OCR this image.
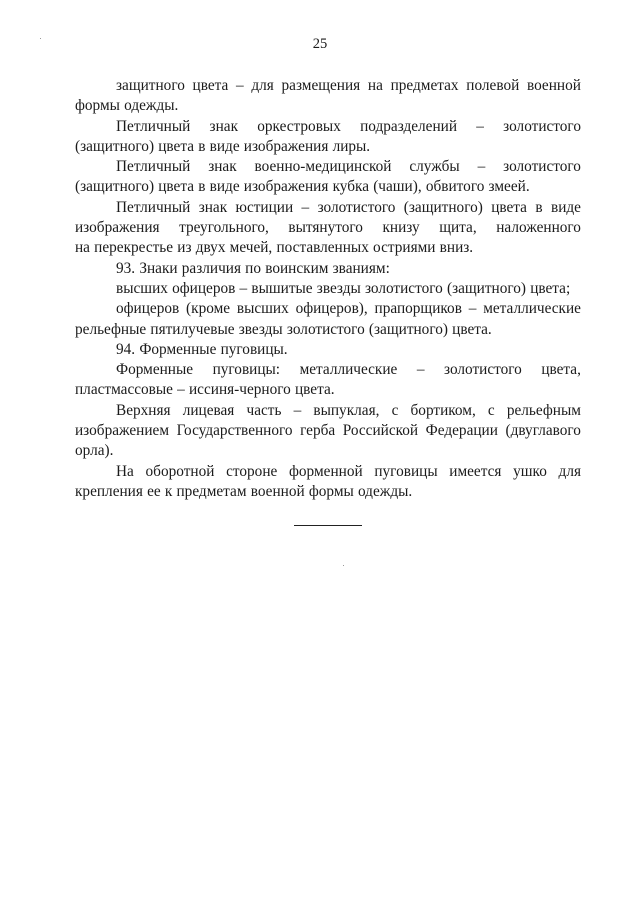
25
защитного цвета – для размещения на предметах полевой военной
формы одежды.
Петличный знак оркестровых подразделений – золотистого
(защитного) цвета в виде изображения лиры.
Петличный знак военно-медицинской службы – золотистого
(защитного) цвета в виде изображения кубка (чаши), обвитого змеей.
Петличный знак юстиции – золотистого (защитного) цвета в виде
изображения треугольного, вытянутого книзу щита, наложенного
на перекрестье из двух мечей, поставленных остриями вниз.
93. Знаки различия по воинским званиям:
высших офицеров – вышитые звезды золотистого (защитного) цвета;
офицеров (кроме высших офицеров), прапорщиков – металлические
рельефные пятилучевые звезды золотистого (защитного) цвета.
94. Форменные пуговицы.
Форменные пуговицы: металлические – золотистого цвета,
пластмассовые – иссиня-черного цвета.
Верхняя лицевая часть – выпуклая, с бортиком, с рельефным
изображением Государственного герба Российской Федерации (двуглавого
орла).
На оборотной стороне форменной пуговицы имеется ушко для
крепления ее к предметам военной формы одежды.
